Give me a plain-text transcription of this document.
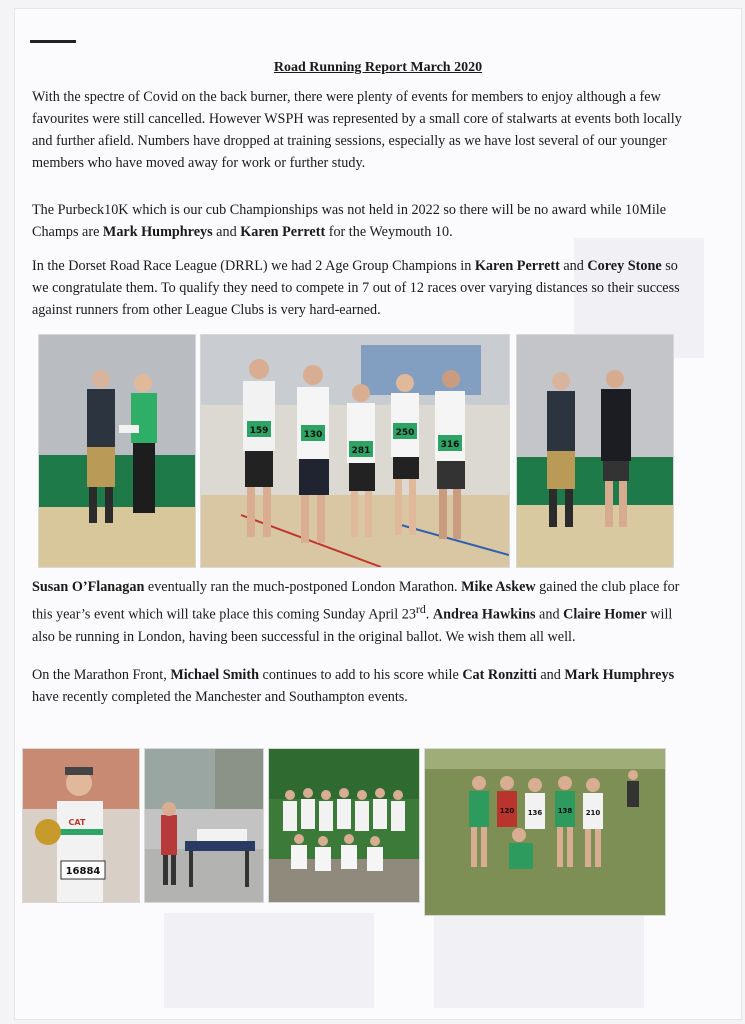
Road Running Report March 2020

With the spectre of Covid on the back burner, there were plenty of events for members to enjoy although a few favourites were still cancelled. However WSPH was represented by a small core of stalwarts at events both locally and further afield. Numbers have dropped at training sessions, especially as we have lost several of our younger members who have moved away for work or further study.

The Purbeck10K which is our cub Championships was not held in 2022 so there will be no award while 10Mile Champs are Mark Humphreys and Karen Perrett for the Weymouth 10.

In the Dorset Road Race League (DRRL) we had 2 Age Group Champions in Karen Perrett and Corey Stone so we congratulate them. To qualify they need to compete in 7 out of 12 races over varying distances so their success against runners from other League Clubs is very hard-earned.

159	130
281
250
316

Susan O’Flanagan eventually ran the much-postponed London Marathon. Mike Askew gained the club place for this year’s event which will take place this coming Sunday April 23rd. Andrea Hawkins and Claire Homer will also be running in London, having been successful in the original ballot. We wish them all well.

On the Marathon Front, Michael Smith continues to add to his score while Cat Ronzitti and Mark Humphreys have recently completed the Manchester and Southampton events.

16884
CAT
120 136 138 210
